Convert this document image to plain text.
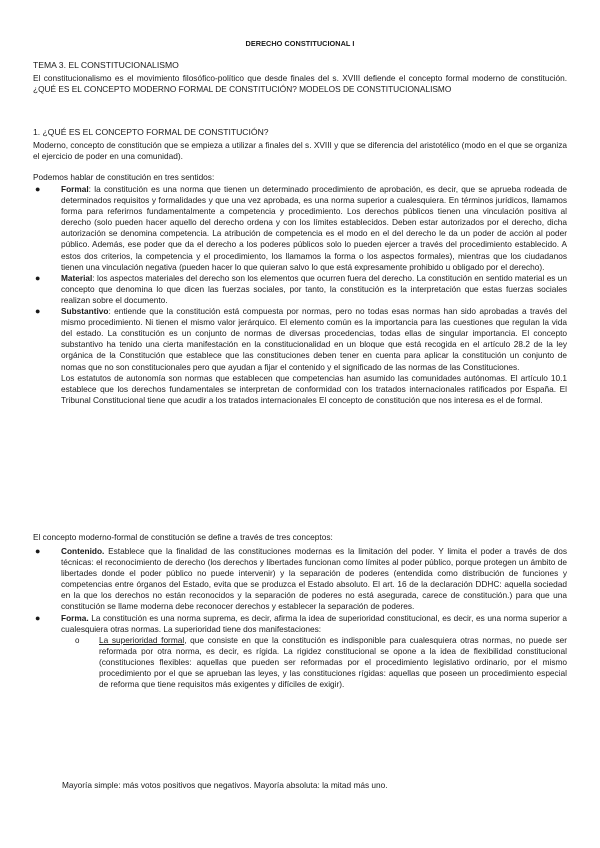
DERECHO CONSTITUCIONAL I
TEMA 3. EL CONSTITUCIONALISMO
El constitucionalismo es el movimiento filosófico-político que desde finales del s. XVIII defiende el concepto formal moderno de constitución. ¿QUÉ ES EL CONCEPTO MODERNO FORMAL DE CONSTITUCIÓN? MODELOS DE CONSTITUCIONALISMO
1. ¿QUÉ ES EL CONCEPTO FORMAL DE CONSTITUCIÓN?
Moderno, concepto de constitución que se empieza a utilizar a finales del s. XVIII y que se diferencia del aristotélico (modo en el que se organiza el ejercicio de poder en una comunidad).
Podemos hablar de constitución en tres sentidos:
● Formal: la constitución es una norma que tienen un determinado procedimiento de aprobación, es decir, que se aprueba rodeada de determinados requisitos y formalidades y que una vez aprobada, es una norma superior a cualesquiera. En términos jurídicos, llamamos forma para referirnos fundamentalmente a competencia y procedimiento. Los derechos públicos tienen una vinculación positiva al derecho (solo pueden hacer aquello del derecho ordena y con los límites establecidos. Deben estar autorizados por el derecho, dicha autorización se denomina competencia. La atribución de competencia es el modo en el del derecho le da un poder de acción al poder público. Además, ese poder que da el derecho a los poderes públicos solo lo pueden ejercer a través del procedimiento establecido. A estos dos criterios, la competencia y el procedimiento, los llamamos la forma o los aspectos formales), mientras que los ciudadanos tienen una vinculación negativa (pueden hacer lo que quieran salvo lo que está expresamente prohibido u obligado por el derecho).
● Material: los aspectos materiales del derecho son los elementos que ocurren fuera del derecho. La constitución en sentido material es un concepto que denomina lo que dicen las fuerzas sociales, por tanto, la constitución es la interpretación que estas fuerzas sociales realizan sobre el documento.
● Substantivo: entiende que la constitución está compuesta por normas, pero no todas esas normas han sido aprobadas a través del mismo procedimiento. Ni tienen el mismo valor jerárquico. El elemento común es la importancia para las cuestiones que regulan la vida del estado. La constitución es un conjunto de normas de diversas procedencias, todas ellas de singular importancia. El concepto substantivo ha tenido una cierta manifestación en la constitucionalidad en un bloque que está recogida en el artículo 28.2 de la ley orgánica de la Constitución que establece que las constituciones deben tener en cuenta para aplicar la constitución un conjunto de nomas que no son constitucionales pero que ayudan a fijar el contenido y el significado de las normas de las Constituciones.
Los estatutos de autonomía son normas que establecen que competencias han asumido las comunidades autónomas. El artículo 10.1 establece que los derechos fundamentales se interpretan de conformidad con los tratados internacionales ratificados por España. El Tribunal Constitucional tiene que acudir a los tratados internacionales El concepto de constitución que nos interesa es el de formal.
El concepto moderno-formal de constitución se define a través de tres conceptos:
● Contenido. Establece que la finalidad de las constituciones modernas es la limitación del poder. Y limita el poder a través de dos técnicas: el reconocimiento de derecho (los derechos y libertades funcionan como límites al poder público, porque protegen un ámbito de libertades donde el poder público no puede intervenir) y la separación de poderes (entendida como distribución de funciones y competencias entre órganos del Estado, evita que se produzca el Estado absoluto. El art. 16 de la declaración DDHC: aquella sociedad en la que los derechos no están reconocidos y la separación de poderes no está asegurada, carece de constitución.) para que una constitución se llame moderna debe reconocer derechos y establecer la separación de poderes.
● Forma. La constitución es una norma suprema, es decir, afirma la idea de superioridad constitucional, es decir, es una norma superior a cualesquiera otras normas. La superioridad tiene dos manifestaciones:
o La superioridad formal, que consiste en que la constitución es indisponible para cualesquiera otras normas, no puede ser reformada por otra norma, es decir, es rígida. La rigidez constitucional se opone a la idea de flexibilidad constitucional (constituciones flexibles: aquellas que pueden ser reformadas por el procedimiento legislativo ordinario, por el mismo procedimiento por el que se aprueban las leyes, y las constituciones rígidas: aquellas que poseen un procedimiento especial de reforma que tiene requisitos más exigentes y difíciles de exigir).
Mayoría simple: más votos positivos que negativos. Mayoría absoluta: la mitad más uno.
